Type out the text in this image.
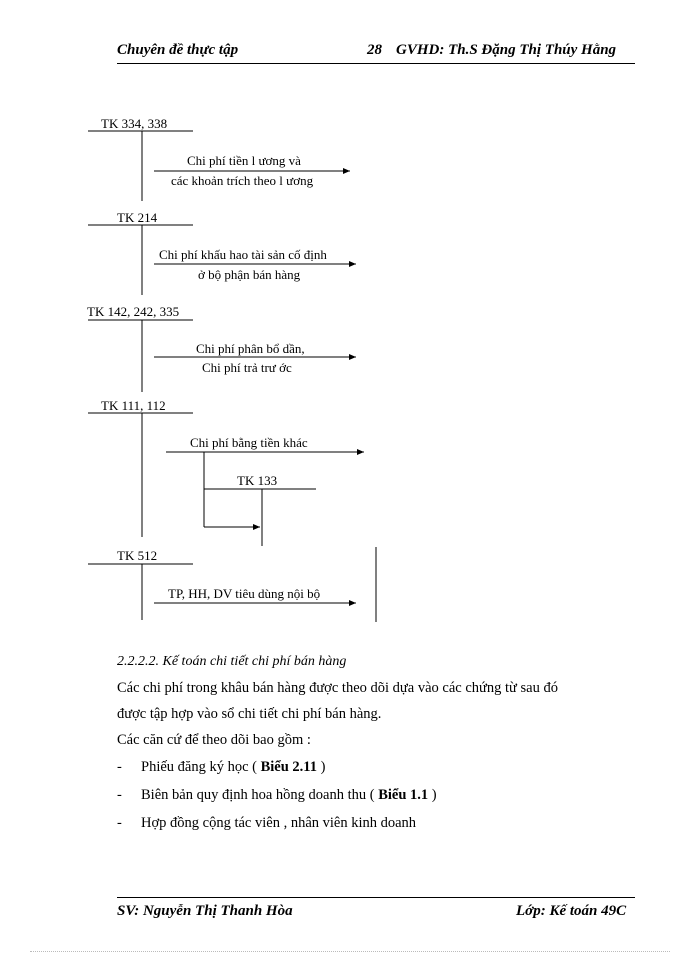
Chuyên đề thực tập	28 GVHD: Th.S Đặng Thị Thúy Hằng
TK 334, 338
Chi phí tiền l ương và
các khoản trích theo l ương
TK 214
Chi phí khấu hao tài sản cố định
ở bộ phận bán hàng
TK 142, 242, 335
Chi phí phân bổ dần,
Chi phí trả trư ớc
TK 111, 112
Chi phí bằng tiền khác
TK 133
TK 512
TP, HH, DV tiêu dùng nội bộ
2.2.2.2. Kế toán chi tiết chi phí bán hàng
Các chi phí trong khâu bán hàng được theo dõi dựa vào các chứng từ sau đó
được tập hợp vào sổ chi tiết chi phí bán hàng.
Các căn cứ để theo dõi bao gồm :
- Phiếu đăng ký học ( Biểu 2.11 )
- Biên bản quy định hoa hồng doanh thu ( Biểu 1.1 )
- Hợp đồng cộng tác viên , nhân viên kinh doanh
SV: Nguyễn Thị Thanh Hòa	Lớp: Kế toán 49C
